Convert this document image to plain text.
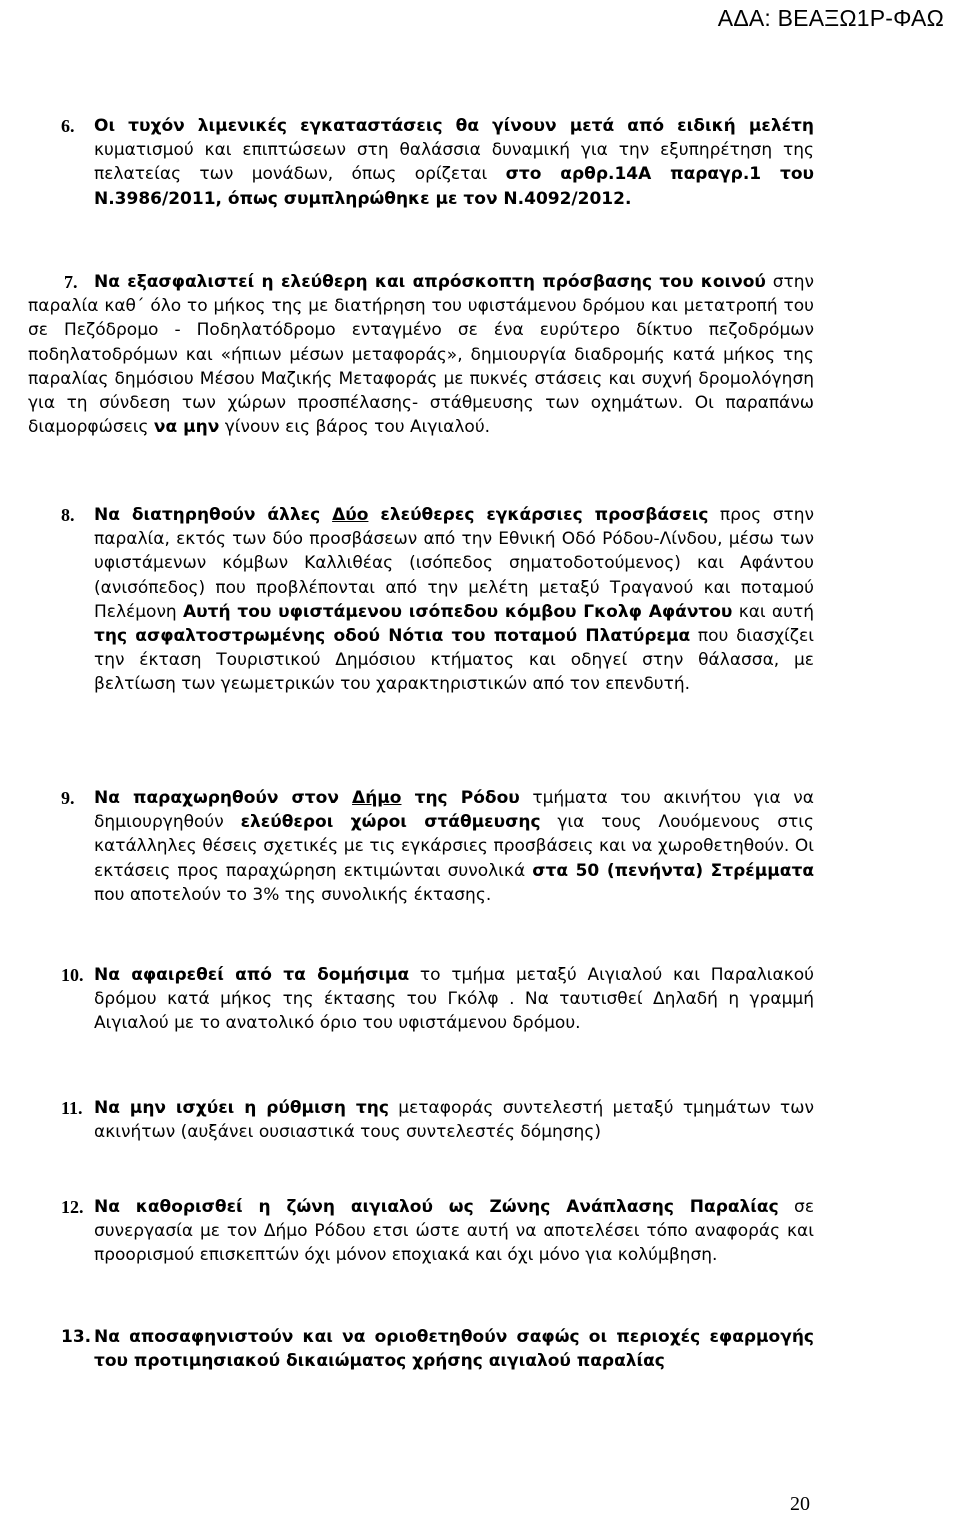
ΑΔΑ: ΒΕΑΞΩ1Ρ-ΦΑΩ
6. Οι τυχόν λιμενικές εγκαταστάσεις θα γίνουν μετά από ειδική μελέτη κυματισμού και επιπτώσεων στη θαλάσσια δυναμική για την εξυπηρέτηση της πελατείας των μονάδων, όπως ορίζεται στο αρθρ.14Α παραγρ.1 του Ν.3986/2011, όπως συμπληρώθηκε με τον Ν.4092/2012.
7. Να εξασφαλιστεί η ελεύθερη και απρόσκοπτη πρόσβασης του κοινού στην παραλία καθ΄ όλο το μήκος της με διατήρηση του υφιστάμενου δρόμου και μετατροπή του σε Πεζόδρομο - Ποδηλατόδρομο ενταγμένο σε ένα ευρύτερο δίκτυο πεζοδρόμων ποδηλατοδρόμων και «ήπιων μέσων μεταφοράς», δημιουργία διαδρομής κατά μήκος της παραλίας δημόσιου Μέσου Μαζικής Μεταφοράς με πυκνές στάσεις και συχνή δρομολόγηση για τη σύνδεση των χώρων προσπέλασης- στάθμευσης των οχημάτων. Οι παραπάνω διαμορφώσεις να μην γίνουν εις βάρος του Αιγιαλού.
8. Να διατηρηθούν άλλες Δύο ελεύθερες εγκάρσιες προσβάσεις προς στην παραλία, εκτός των δύο προσβάσεων από την Εθνική Οδό Ρόδου-Λίνδου, μέσω των υφιστάμενων κόμβων Καλλιθέας (ισόπεδος σηματοδοτούμενος) και Αφάντου (ανισόπεδος) που προβλέπονται από την μελέτη μεταξύ Τραγανού και ποταμού Πελέμονη Αυτή του υφιστάμενου ισόπεδου κόμβου Γκολφ Αφάντου και αυτή της ασφαλτοστρωμένης οδού Νότια του ποταμού Πλατύρεμα που διασχίζει την έκταση Τουριστικού Δημόσιου κτήματος και οδηγεί στην θάλασσα, με βελτίωση των γεωμετρικών του χαρακτηριστικών από τον επενδυτή.
9. Να παραχωρηθούν στον Δήμο της Ρόδου τμήματα του ακινήτου για να δημιουργηθούν ελεύθεροι χώροι στάθμευσης για τους Λουόμενους στις κατάλληλες θέσεις σχετικές με τις εγκάρσιες προσβάσεις και να χωροθετηθούν. Οι εκτάσεις προς παραχώρηση εκτιμώνται συνολικά στα 50 (πενήντα) Στρέμματα που αποτελούν το 3% της συνολικής έκτασης.
10. Να αφαιρεθεί από τα δομήσιμα το τμήμα μεταξύ Αιγιαλού και Παραλιακού δρόμου κατά μήκος της έκτασης του Γκόλφ . Να ταυτισθεί Δηλαδή η γραμμή Αιγιαλού με το ανατολικό όριο του υφιστάμενου δρόμου.
11. Να μην ισχύει η ρύθμιση της μεταφοράς συντελεστή μεταξύ τμημάτων των ακινήτων (αυξάνει ουσιαστικά τους συντελεστές δόμησης)
12. Να καθορισθεί η ζώνη αιγιαλού ως Ζώνης Ανάπλασης Παραλίας σε συνεργασία με τον Δήμο Ρόδου ετσι ώστε αυτή να αποτελέσει τόπο αναφοράς και προορισμού επισκεπτών όχι μόνον εποχιακά και όχι μόνο για κολύμβηση.
13. Να αποσαφηνιστούν και να οριοθετηθούν σαφώς οι περιοχές εφαρμογής του προτιμησιακού δικαιώματος χρήσης αιγιαλού παραλίας
20
